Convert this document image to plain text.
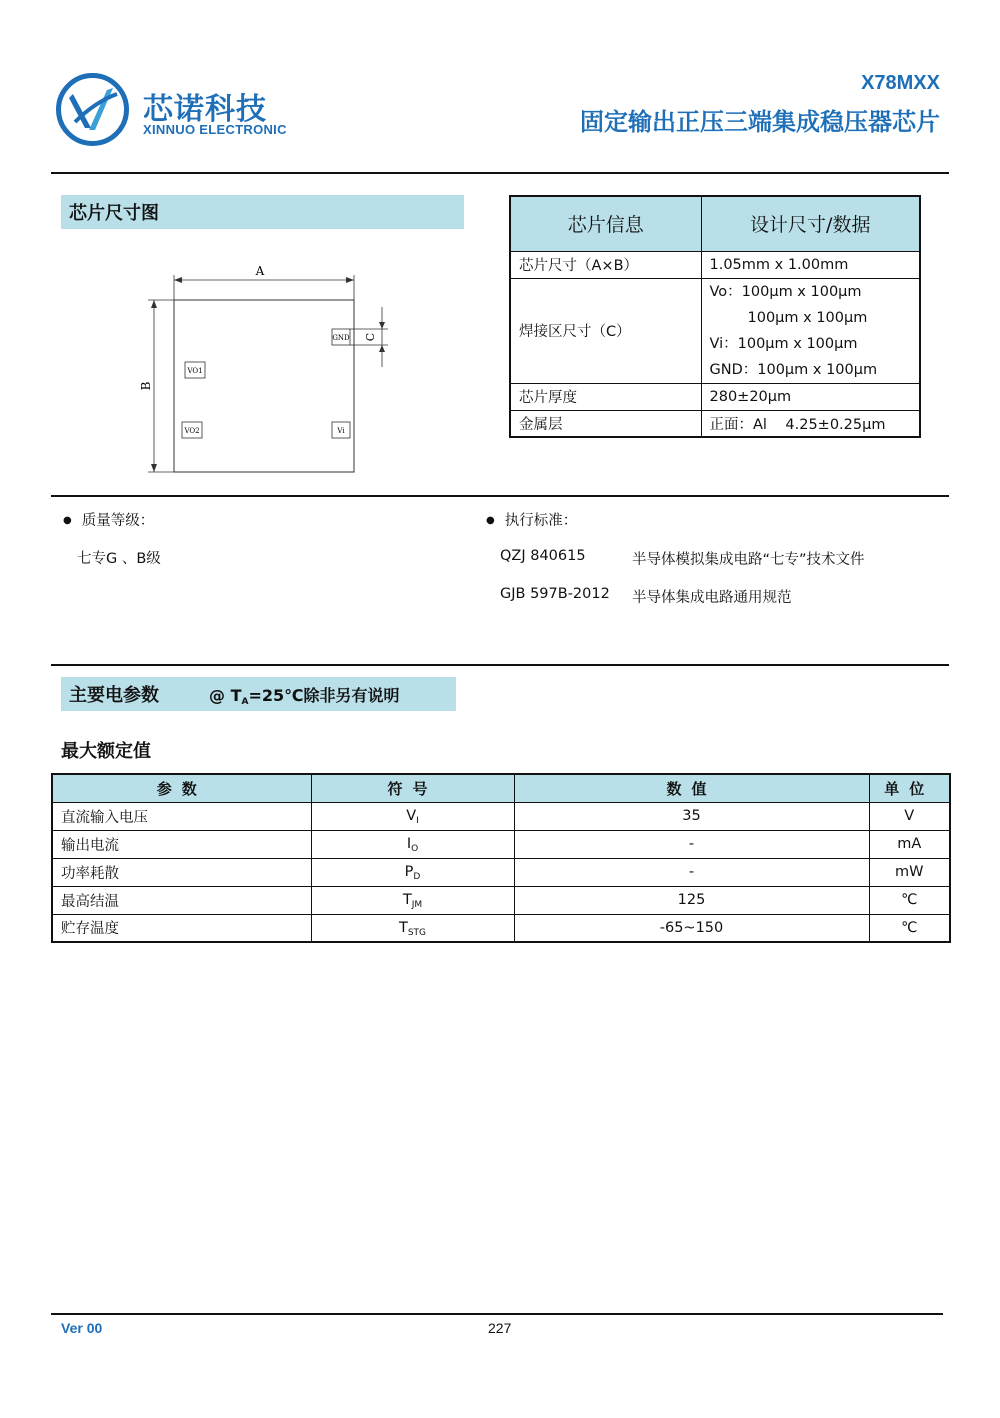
芯诺科技
XINNUO ELECTRONIC
X78MXX
固定输出正压三端集成稳压器芯片
芯片尺寸图
A
B
C
GND
VO1
VO2	Vi
芯片信息	设计尺寸/数据
芯片尺寸（A×B）	1.05mm x 1.00mm
焊接区尺寸（C）	Vo：100μm x 100μm
100μm x 100μm
Vi：100μm x 100μm
GND：100μm x 100μm

芯片厚度	280±20μm
金属层	正面：Al    4.25±0.25μm
● 质量等级：
七专G 、B级
● 执行标准：
QZJ 840615	半导体模拟集成电路“七专”技术文件
GJB 597B-2012 半导体集成电路通用规范
主要电参数	@ TA=25℃除非另有说明
最大额定值
参数	符号	数值	单位
直流输入电压	$V_I$	35	V
输出电流	$I_O$	-	mA
功率耗散	$P_D$	-	mW
最高结温	$T_{JM}$	125	℃
贮存温度	$T_{STG}$	-65~150	℃
Ver 00	227
